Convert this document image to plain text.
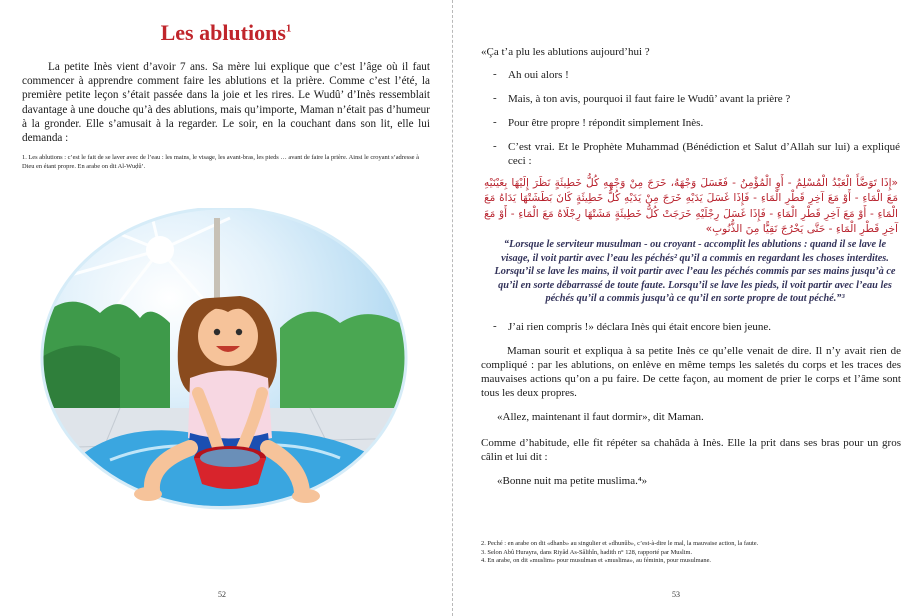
Les ablutions$^1$

La petite Inès vient d’avoir 7 ans. Sa mère lui explique que c’est l’âge où il faut commencer à apprendre comment faire les ablutions et la prière. Comme c’est l’été, la première petite leçon s’était passée dans la joie et les rires. Le Wudû’ d’Inès ressemblait davantage à une douche qu’à des ablutions, mais qu’importe, Maman n’était pas d’humeur à la gronder. Elle s’amusait à la regarder. Le soir, en la couchant dans son lit, elle lui demanda :

1. Les ablutions : c’est le fait de se laver avec de l’eau : les mains, le visage, les avant-bras, les pieds … avant de faire la prière. Ainsi le croyant s’adresse à Dieu en étant propre. En arabe on dit Al-Wuḍû’.

52

«Ça t’a plu les ablutions aujourd’hui ?

- Ah oui alors !

- Mais, à ton avis, pourquoi il faut faire le Wudû’ avant la prière ?

- Pour être propre ! répondit simplement Inès.

- C’est vrai. Et le Prophète Muhammad (Bénédiction et Salut d’Allah sur lui) a expliqué ceci :

«إِذَا تَوَضَّأَ الْعَبْدُ الْمُسْلِمُ - أَوِ الْمُؤْمِنُ - فَغَسَلَ وَجْهَهُ، خَرَجَ مِنْ وَجْهِهِ كُلُّ خَطِيئَةٍ نَظَرَ إِلَيْهَا بِعَيْنَيْهِ مَعَ الْمَاءِ - أَوْ مَعَ آخِرِ قَطْرِ الْمَاءِ - فَإِذَا غَسَلَ يَدَيْهِ خَرَجَ مِنْ يَدَيْهِ كُلُّ خَطِيئَةٍ كَانَ بَطَشَتْهَا يَدَاهُ مَعَ الْمَاءِ - أَوْ مَعَ آخِرِ قَطْرِ الْمَاءِ - فَإِذَا غَسَلَ رِجْلَيْهِ خَرَجَتْ كُلُّ خَطِيئَةٍ مَشَتْهَا رِجْلَاهُ مَعَ الْمَاءِ - أَوْ مَعَ آخِرِ قَطْرِ الْمَاءِ - حَتَّى يَخْرُجَ نَقِيًّا مِنَ الذُّنُوبِ»
“Lorsque le serviteur musulman - ou croyant - accomplit les ablutions : quand il se lave le visage, il voit partir avec l’eau les péchés² qu’il a commis en regardant les choses interdites. Lorsqu’il se lave les mains, il voit partir avec l’eau les péchés commis par ses mains jusqu’à ce qu’il en sorte débarrassé de toute faute. Lorsqu’il se lave les pieds, il voit partir avec l’eau les péchés qu’il a commis jusqu’à ce qu’il en sorte propre de tout péché.”³
- J’ai rien compris !» déclara Inès qui était encore bien jeune.

Maman sourit et expliqua à sa petite Inès ce qu’elle venait de dire. Il n’y avait rien de compliqué : par les ablutions, on enlève en même temps les saletés du corps et les traces des mauvaises actions qu’on a pu faire. De cette façon, au moment de prier le corps et l’âme sont tous les deux propres.

«Allez, maintenant il faut dormir», dit Maman.

Comme d’habitude, elle fit répéter sa chahâda à Inès. Elle la prit dans ses bras pour un gros câlin et lui dit :

«Bonne nuit ma petite muslima.⁴»

2. Peché : en arabe on dit «dhanb» au singulier et «dhunûb», c’est-à-dire le mal, la mauvaise action, la faute.

3. Selon Abû Hurayra, dans Riyâd As-Sâlihîn, hadith n° 128, rapporté par Muslim.

4. En arabe, on dit «muslim» pour musulman et «muslima», au féminin, pour musulmane.

53
